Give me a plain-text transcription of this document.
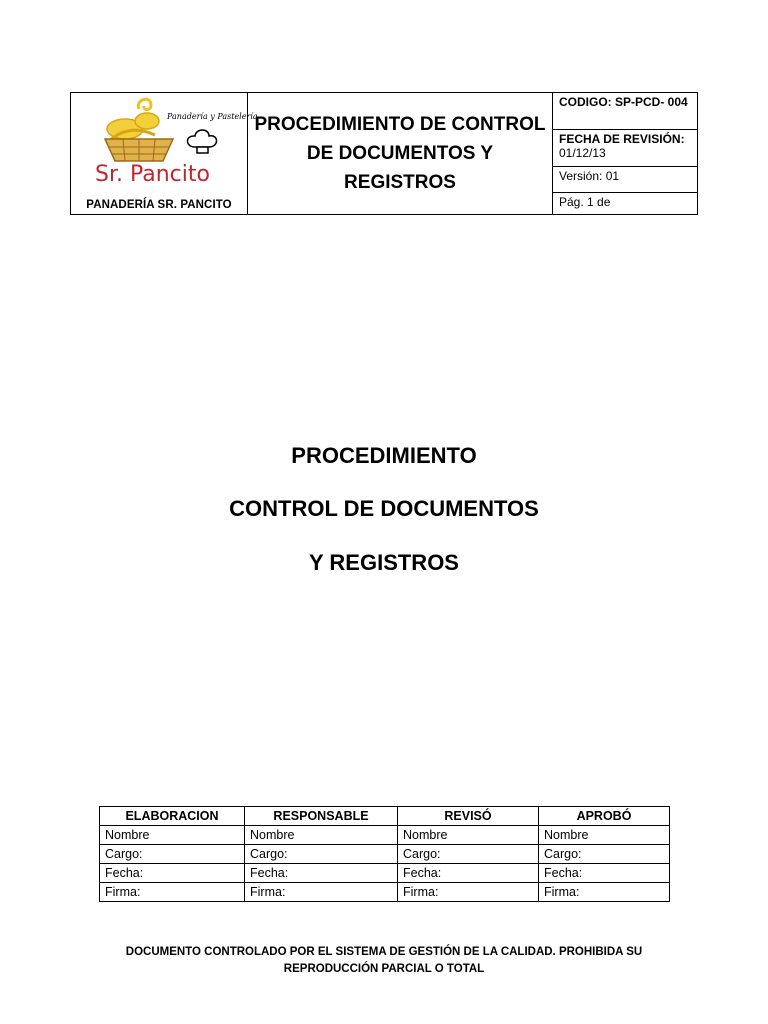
Panadería y Pastelería
Sr. Pancito
PANADERÍA SR. PANCITO

PROCEDIMIENTO DE CONTROL
DE DOCUMENTOS Y
REGISTROS
	CODIGO: SP-PCD- 004

FECHA DE REVISIÓN:
01/12/13

Versión: 01
Pág. 1 de
PROCEDIMIENTO
CONTROL DE DOCUMENTOS
Y REGISTROS
ELABORACION	RESPONSABLE	REVISÓ	APROBÓ
Nombre	Nombre	Nombre	Nombre
Cargo:	Cargo:	Cargo:	Cargo:
Fecha:	Fecha:	Fecha:	Fecha:
Firma:	Firma:	Firma:	Firma:
DOCUMENTO CONTROLADO POR EL SISTEMA DE GESTIÓN DE LA CALIDAD. PROHIBIDA SU
REPRODUCCIÓN PARCIAL O TOTAL
